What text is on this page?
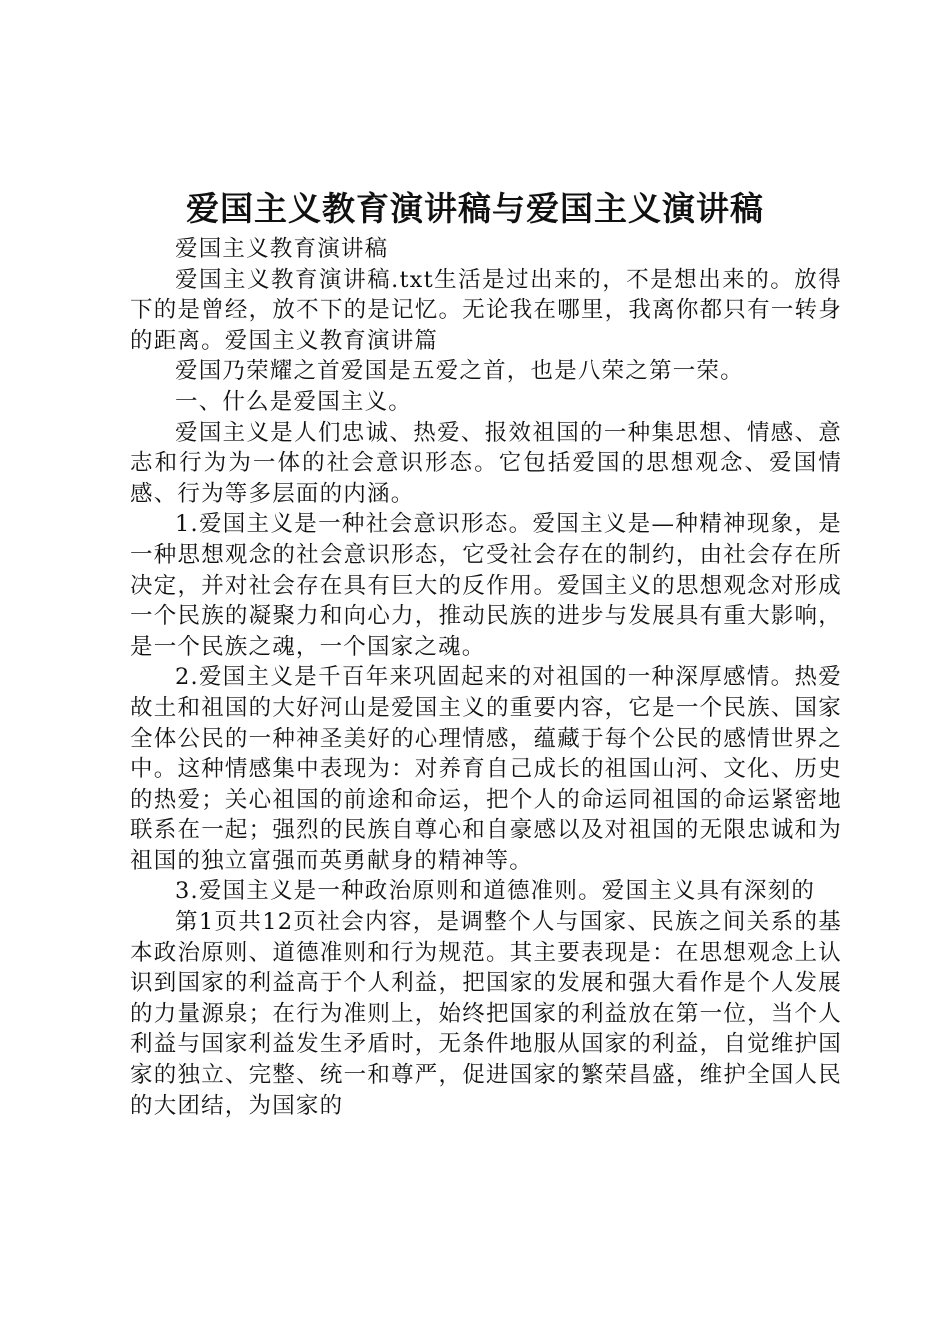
爱国主义教育演讲稿与爱国主义演讲稿

爱国主义教育演讲稿

爱国主义教育演讲稿.txt生活是过出来的，不是想出来的。放得下的是曾经，放不下的是记忆。无论我在哪里，我离你都只有一转身的距离。爱国主义教育演讲篇

爱国乃荣耀之首爱国是五爱之首，也是八荣之第一荣。

一、什么是爱国主义。

爱国主义是人们忠诚、热爱、报效祖国的一种集思想、情感、意志和行为为一体的社会意识形态。它包括爱国的思想观念、爱国情感、行为等多层面的内涵。

1.爱国主义是一种社会意识形态。爱国主义是—种精神现象，是一种思想观念的社会意识形态，它受社会存在的制约，由社会存在所决定，并对社会存在具有巨大的反作用。爱国主义的思想观念对形成一个民族的凝聚力和向心力，推动民族的进步与发展具有重大影响，是一个民族之魂，一个国家之魂。

2.爱国主义是千百年来巩固起来的对祖国的一种深厚感情。热爱故土和祖国的大好河山是爱国主义的重要内容，它是一个民族、国家全体公民的一种神圣美好的心理情感，蕴藏于每个公民的感情世界之中。这种情感集中表现为：对养育自己成长的祖国山河、文化、历史的热爱；关心祖国的前途和命运，把个人的命运同祖国的命运紧密地联系在一起；强烈的民族自尊心和自豪感以及对祖国的无限忠诚和为祖国的独立富强而英勇献身的精神等。

3.爱国主义是一种政治原则和道德准则。爱国主义具有深刻的

第1页共12页社会内容，是调整个人与国家、民族之间关系的基本政治原则、道德准则和行为规范。其主要表现是：在思想观念上认识到国家的利益高于个人利益，把国家的发展和强大看作是个人发展的力量源泉；在行为准则上，始终把国家的利益放在第一位，当个人利益与国家利益发生矛盾时，无条件地服从国家的利益，自觉维护国家的独立、完整、统一和尊严，促进国家的繁荣昌盛，维护全国人民的大团结，为国家的
